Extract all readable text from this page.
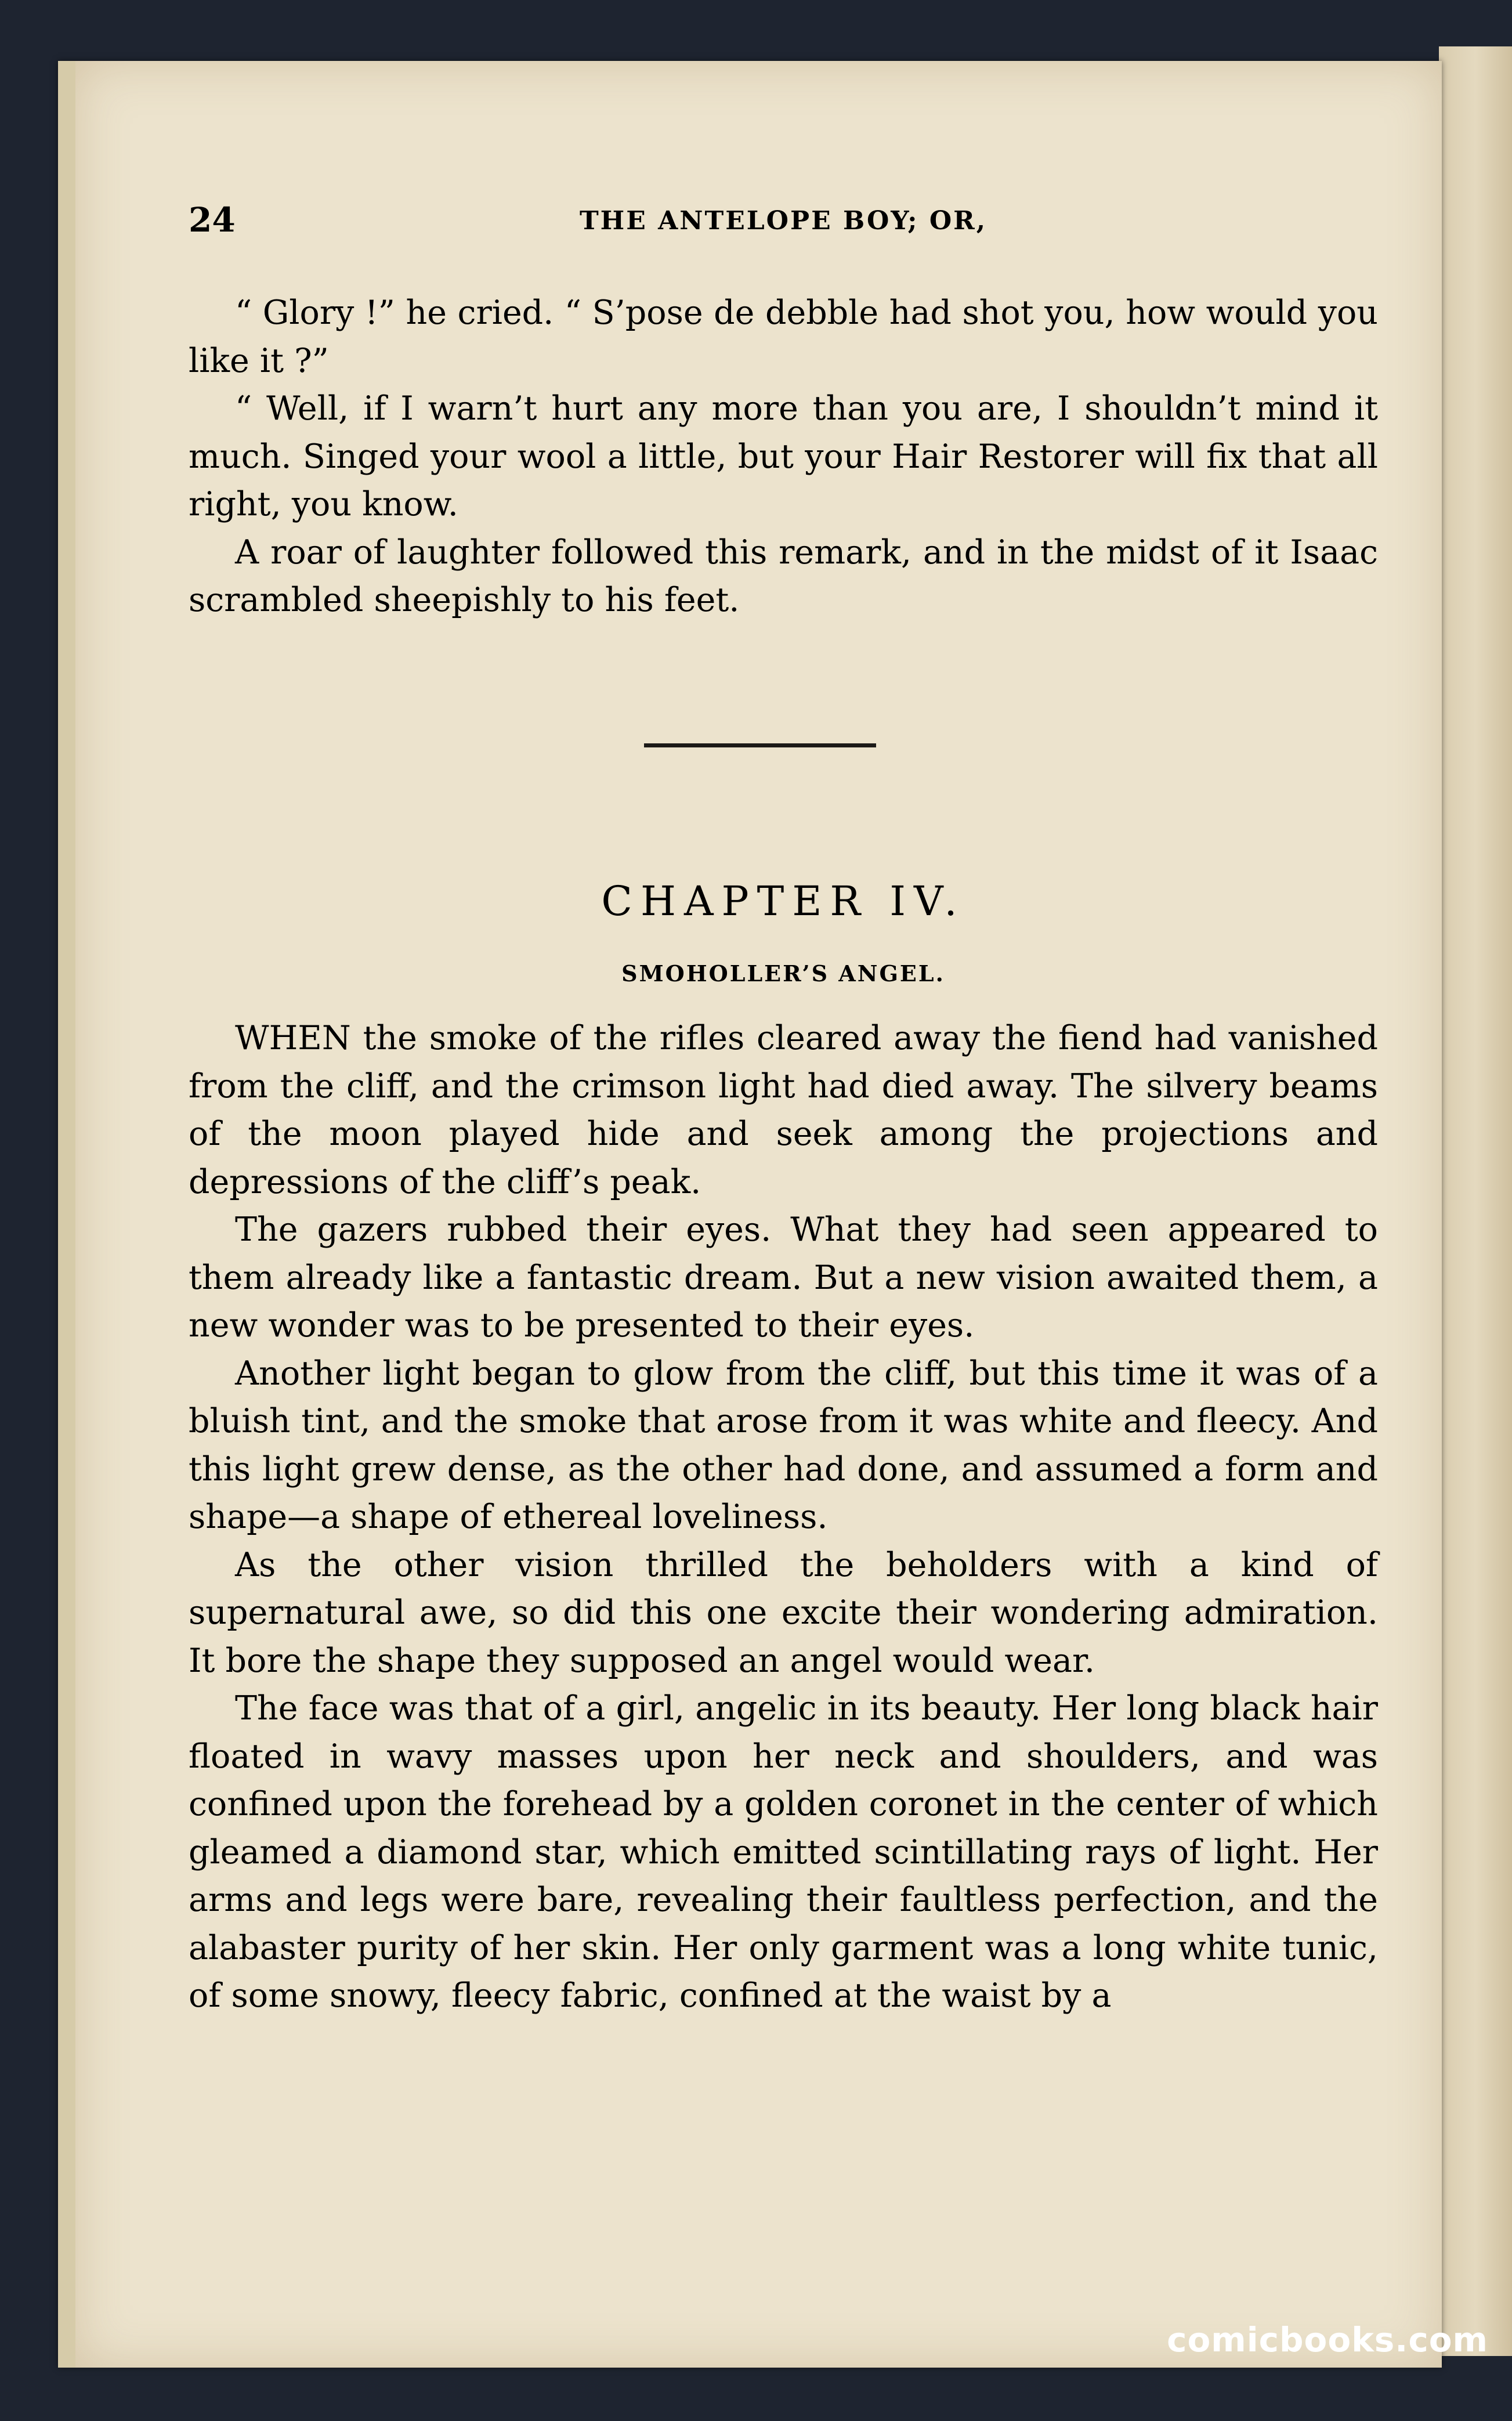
24	THE ANTELOPE BOY; OR,

“ Glory !” he cried. “ S’pose de debble had shot you, how would you like it ?”

“ Well, if I warn’t hurt any more than you are, I shouldn’t mind it much. Singed your wool a little, but your Hair Restorer will fix that all right, you know.

A roar of laughter followed this remark, and in the midst of it Isaac scrambled sheepishly to his feet.

CHAPTER IV.
SMOHOLLER’S ANGEL.

WHEN the smoke of the rifles cleared away the fiend had vanished from the cliff, and the crimson light had died away. The silvery beams of the moon played hide and seek among the projections and depressions of the cliff’s peak.

The gazers rubbed their eyes. What they had seen appeared to them already like a fantastic dream. But a new vision awaited them, a new wonder was to be presented to their eyes.

Another light began to glow from the cliff, but this time it was of a bluish tint, and the smoke that arose from it was white and fleecy. And this light grew dense, as the other had done, and assumed a form and shape—a shape of ethereal loveliness.

As the other vision thrilled the beholders with a kind of supernatural awe, so did this one excite their wondering admiration. It bore the shape they supposed an angel would wear.

The face was that of a girl, angelic in its beauty. Her long black hair floated in wavy masses upon her neck and shoulders, and was confined upon the forehead by a golden coronet in the center of which gleamed a diamond star, which emitted scintillating rays of light. Her arms and legs were bare, revealing their faultless perfection, and the alabaster purity of her skin. Her only garment was a long white tunic, of some snowy, fleecy fabric, confined at the waist by a

comicbooks.com
